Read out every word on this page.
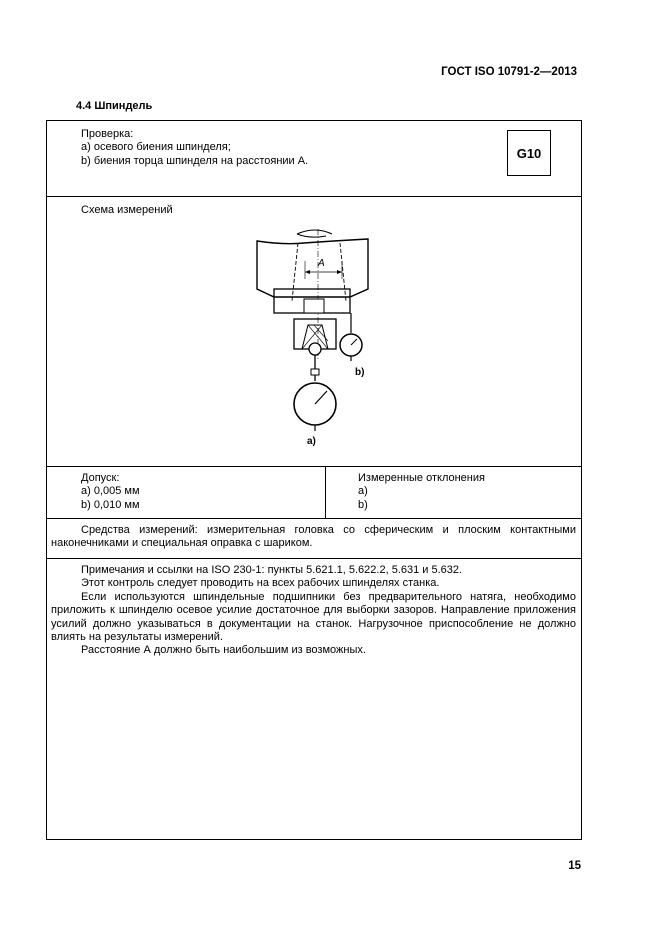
ГОСТ ISO 10791-2—2013
4.4 Шпиндель
Проверка:
а) осевого биения шпинделя;
b) биения торца шпинделя на расстоянии А.
G10
Схема измерений
A
b)
a)
Допуск:
а) 0,005 мм
b) 0,010 мм
Измеренные отклонения
а)
b)
Средства измерений: измерительная головка со сферическим и плоским контактными наконечниками и специальная оправка с шариком.
Примечания и ссылки на ISO 230-1: пункты 5.621.1, 5.622.2, 5.631 и 5.632.
Этот контроль следует проводить на всех рабочих шпинделях станка.
Если используются шпиндельные подшипники без предварительного натяга, необходимо приложить к шпинделю осевое усилие достаточное для выборки зазоров. Направление приложения усилий должно указываться в документации на станок. Нагрузочное приспособление не должно влиять на результаты измерений.
Расстояние А должно быть наибольшим из возможных.
15
